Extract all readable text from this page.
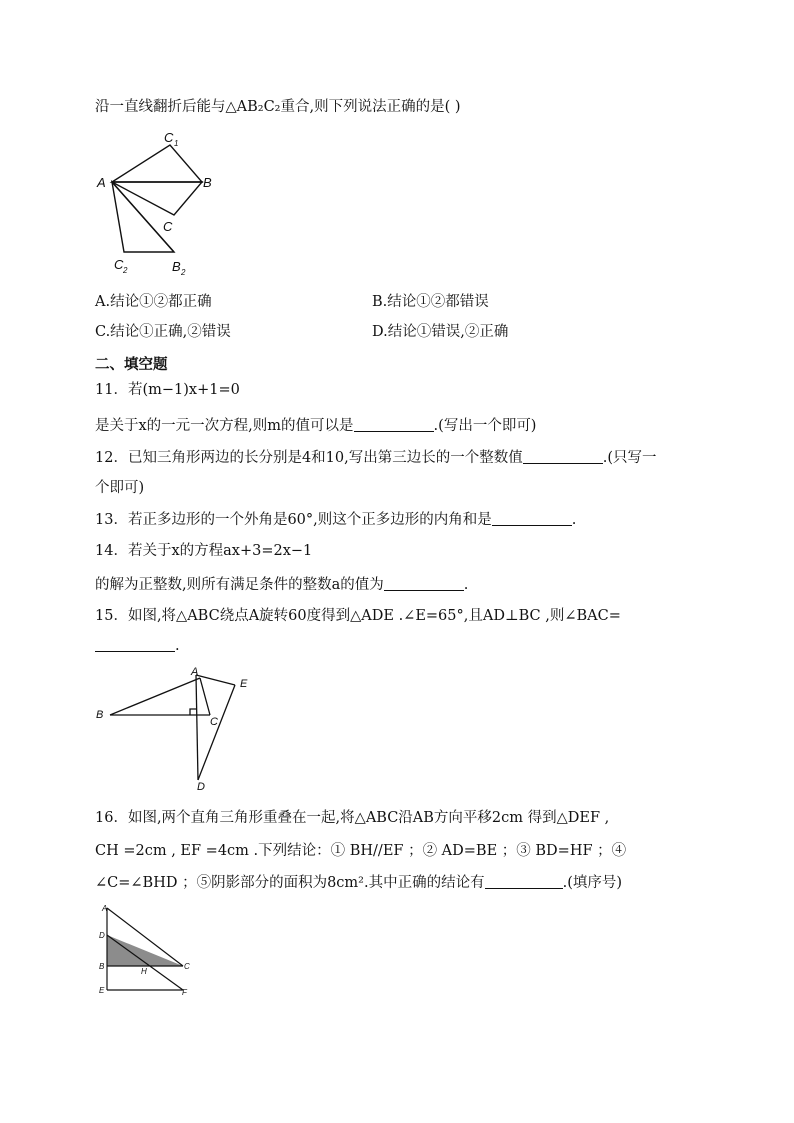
沿一直线翻折后能与△AB₂C₂重合,则下列说法正确的是( )
A	B
C
C 1
C 2	B 2
A.结论①②都正确	B.结论①②都错误
C.结论①正确,②错误	D.结论①错误,②正确
二、填空题
11．若(m−1)x+1=0
是关于x的一元一次方程,则m的值可以是	.(写出一个即可)
12．已知三角形两边的长分别是4和10,写出第三边长的一个整数值	.(只写一
个即可)
13．若正多边形的一个外角是60°,则这个正多边形的内角和是	.
14．若关于x的方程ax+3=2x−1
的解为正整数,则所有满足条件的整数a的值为	.
15．如图,将△ABC绕点A旋转60度得到△ADE .∠E=65°,且AD⊥BC ,则∠BAC=
.
A
B
C
D
E
16．如图,两个直角三角形重叠在一起,将△ABC沿AB方向平移2cm 得到△DEF ,
CH =2cm , EF =4cm .下列结论：① BH//EF ；② AD=BE ；③ BD=HF ；④
∠C=∠BHD ；⑤阴影部分的面积为8cm².其中正确的结论有	.(填序号)
A
D
B
H
C
E	F
